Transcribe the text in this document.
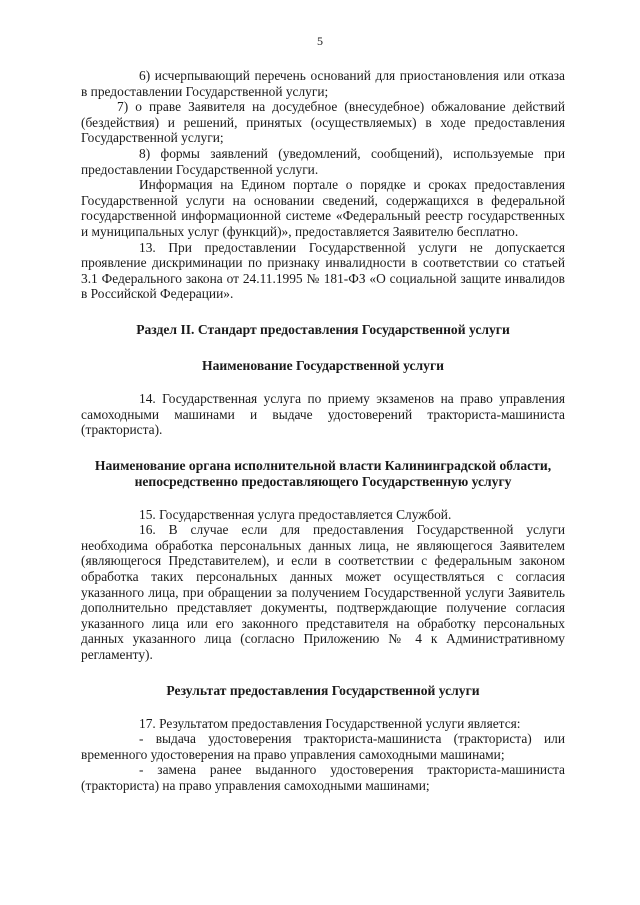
5

6) исчерпывающий перечень оснований для приостановления или отказа в предоставлении Государственной услуги;

7) о праве Заявителя на досудебное (внесудебное) обжалование действий (бездействия) и решений, принятых (осуществляемых) в ходе предоставления Государственной услуги;

8) формы заявлений (уведомлений, сообщений), используемые при предоставлении Государственной услуги.

Информация на Едином портале о порядке и сроках предоставления Государственной услуги на основании сведений, содержащихся в федеральной государственной информационной системе «Федеральный реестр государственных и муниципальных услуг (функций)», предоставляется Заявителю бесплатно.

13. При предоставлении Государственной услуги не допускается проявление дискриминации по признаку инвалидности в соответствии со статьей 3.1 Федерального закона от 24.11.1995 № 181-ФЗ «О социальной защите инвалидов в Российской Федерации».

Раздел II. Стандарт предоставления Государственной услуги

Наименование Государственной услуги

14. Государственная услуга по приему экзаменов на право управления самоходными машинами и выдаче удостоверений тракториста-машиниста (тракториста).

Наименование органа исполнительной власти Калининградской области, непосредственно предоставляющего Государственную услугу

15. Государственная услуга предоставляется Службой.

16. В случае если для предоставления Государственной услуги необходима обработка персональных данных лица, не являющегося Заявителем (являющегося Представителем), и если в соответствии с федеральным законом обработка таких персональных данных может осуществляться с согласия указанного лица, при обращении за получением Государственной услуги Заявитель дополнительно представляет документы, подтверждающие получение согласия указанного лица или его законного представителя на обработку персональных данных указанного лица (согласно Приложению № 4 к Административному регламенту).

Результат предоставления Государственной услуги

17. Результатом предоставления Государственной услуги является:

- выдача удостоверения тракториста-машиниста (тракториста) или временного удостоверения на право управления самоходными машинами;

- замена ранее выданного удостоверения тракториста-машиниста (тракториста) на право управления самоходными машинами;
